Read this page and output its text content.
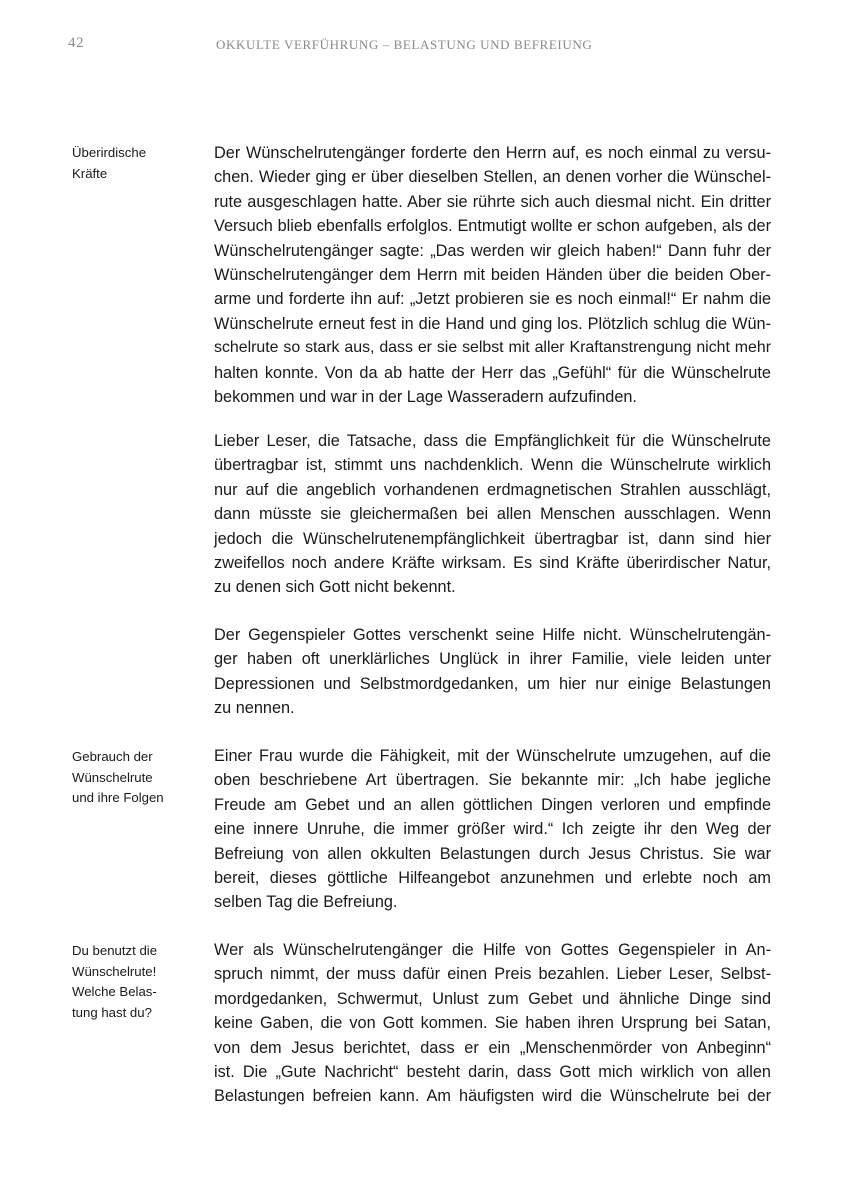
42	OKKULTE VERFÜHRUNG – BELASTUNG UND BEFREIUNG
Überirdische
Kräfte
Gebrauch der
Wünschelrute
und ihre Folgen
Du benutzt die
Wünschelrute!
Welche Belas-
tung hast du?
Der Wünschelrutengänger forderte den Herrn auf, es noch einmal zu versu-
chen. Wieder ging er über dieselben Stellen, an denen vorher die Wünschel-
rute ausgeschlagen hatte. Aber sie rührte sich auch diesmal nicht. Ein dritter
Versuch blieb ebenfalls erfolglos. Entmutigt wollte er schon aufgeben, als der
Wünschelrutengänger sagte: „Das werden wir gleich haben!“ Dann fuhr der
Wünschelrutengänger dem Herrn mit beiden Händen über die beiden Ober-
arme und forderte ihn auf: „Jetzt probieren sie es noch einmal!“ Er nahm die
Wünschelrute erneut fest in die Hand und ging los. Plötzlich schlug die Wün-
schelrute so stark aus, dass er sie selbst mit aller Kraftanstrengung nicht mehr
halten konnte. Von da ab hatte der Herr das „Gefühl“ für die Wünschelrute
bekommen und war in der Lage Wasseradern aufzufinden.
Lieber Leser, die Tatsache, dass die Empfänglichkeit für die Wünschelrute
übertragbar ist, stimmt uns nachdenklich. Wenn die Wünschelrute wirklich
nur auf die angeblich vorhandenen erdmagnetischen Strahlen ausschlägt,
dann müsste sie gleichermaßen bei allen Menschen ausschlagen. Wenn
jedoch die Wünschelrutenempfänglichkeit übertragbar ist, dann sind hier
zweifellos noch andere Kräfte wirksam. Es sind Kräfte überirdischer Natur,
zu denen sich Gott nicht bekennt.
Der Gegenspieler Gottes verschenkt seine Hilfe nicht. Wünschelrutengän-
ger haben oft unerklärliches Unglück in ihrer Familie, viele leiden unter
Depressionen und Selbstmordgedanken, um hier nur einige Belastungen
zu nennen.
Einer Frau wurde die Fähigkeit, mit der Wünschelrute umzugehen, auf die
oben beschriebene Art übertragen. Sie bekannte mir: „Ich habe jegliche
Freude am Gebet und an allen göttlichen Dingen verloren und empfinde
eine innere Unruhe, die immer größer wird.“ Ich zeigte ihr den Weg der
Befreiung von allen okkulten Belastungen durch Jesus Christus. Sie war
bereit, dieses göttliche Hilfeangebot anzunehmen und erlebte noch am
selben Tag die Befreiung.
Wer als Wünschelrutengänger die Hilfe von Gottes Gegenspieler in An-
spruch nimmt, der muss dafür einen Preis bezahlen. Lieber Leser, Selbst-
mordgedanken, Schwermut, Unlust zum Gebet und ähnliche Dinge sind
keine Gaben, die von Gott kommen. Sie haben ihren Ursprung bei Satan,
von dem Jesus berichtet, dass er ein „Menschenmörder von Anbeginn“
ist. Die „Gute Nachricht“ besteht darin, dass Gott mich wirklich von allen
Belastungen befreien kann. Am häufigsten wird die Wünschelrute bei der
